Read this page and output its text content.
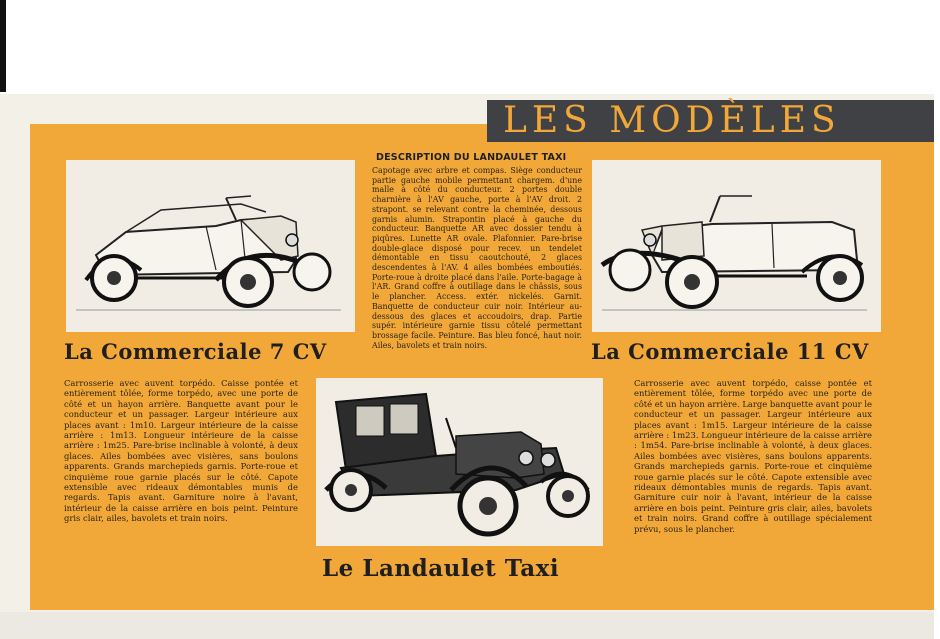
LES MODÈLES
La Commerciale 7 CV
DESCRIPTION DU LANDAULET TAXI
Capotage avec arbre et compas. Siège conducteur partie gauche mobile permettant chargem. d'une malle à côté du conducteur. 2 portes double charnière à l'AV gauche, porte à l'AV droit. 2 strapont. se relevant contre la cheminée, dessous garnis alumin. Strapontin placé à gauche du conducteur. Banquette AR avec dossier tendu à piqûres. Lunette AR ovale. Plafonnier. Pare-brise double-glace disposé pour recev. un tendelet démontable en tissu caoutchouté, 2 glaces descendentes à l'AV. 4 ailes bombées emboutiés. Porte-roue à droite placé dans l'aile. Porte-bagage à l'AR. Grand coffre à outillage dans le châssis, sous le plancher. Access. extér. nickelés. Garnit. Banquette de conducteur cuir noir. Intérieur au-dessous des glaces et accoudoirs, drap. Partie supér. intérieure garnie tissu côtelé permettant brossage facile. Peinture. Bas bleu foncé, haut noir. Ailes, bavolets et train noirs.	La Commerciale 11 CV
Carrosserie avec auvent torpédo. Caisse pontée et entièrement tôlée, forme torpédo, avec une porte de côté et un hayon arrière. Banquette avant pour le conducteur et un passager. Largeur intérieure aux places avant : 1m10. Largeur intérieure de la caisse arrière : 1m13. Longueur intérieure de la caisse arrière : 1m25. Pare-brise inclinable à volonté, à deux glaces. Ailes bombées avec visières, sans boulons apparents. Grands marchepieds garnis. Porte-roue et cinquième roue garnie placés sur le côté. Capote extensible avec rideaux démontables munis de regards. Tapis avant. Garniture noire à l'avant, intérieur de la caisse arrière en bois peint. Peinture gris clair, ailes, bavolets et train noirs.
Le Landaulet Taxi
Carrosserie avec auvent torpédo, caisse pontée et entièrement tôlée, forme torpédo avec une porte de côté et un hayon arrière. Large banquette avant pour le conducteur et un passager. Largeur intérieure aux places avant : 1m15. Largeur intérieure de la caisse arrière : 1m23. Longueur intérieure de la caisse arrière : 1m54. Pare-brise inclinable à volonté, à deux glaces. Ailes bombées avec visières, sans boulons apparents. Grands marchepieds garnis. Porte-roue et cinquième roue garnie placés sur le côté. Capote extensible avec rideaux démontables munis de regards. Tapis avant. Garniture cuir noir à l'avant, intérieur de la caisse arrière en bois peint. Peinture gris clair, ailes, bavolets et train noirs. Grand coffre à outillage spécialement prévu, sous le plancher.
